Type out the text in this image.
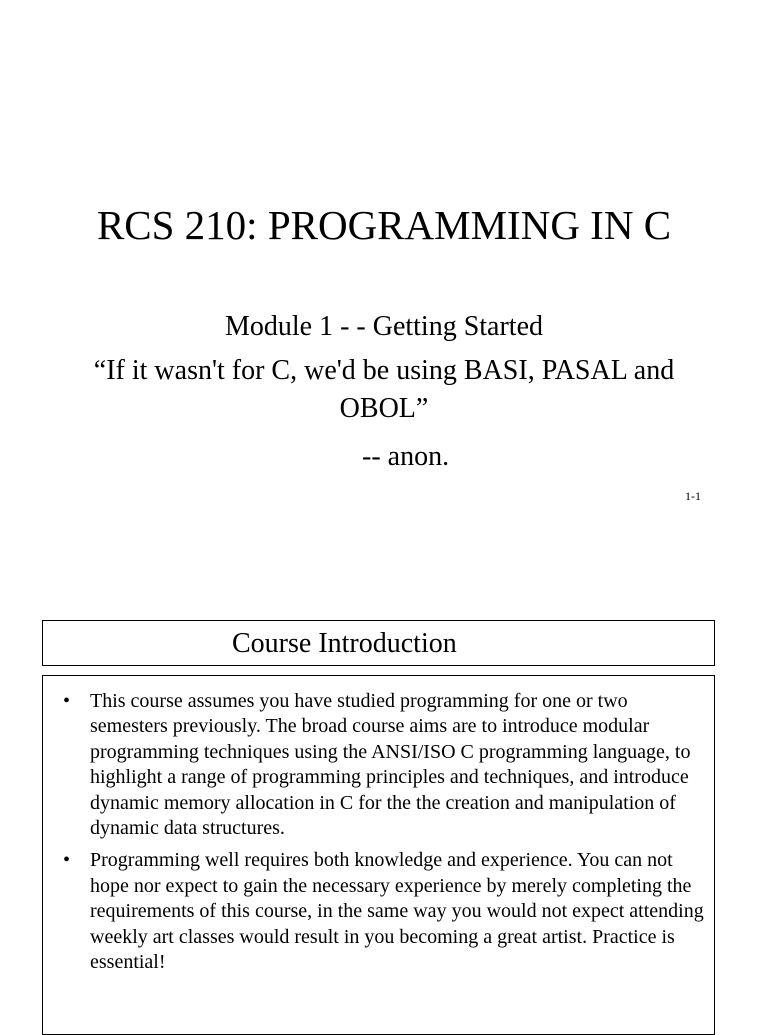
RCS 210: PROGRAMMING IN C

Module 1 - - Getting Started

“If it wasn't for C, we'd be using BASI, PASAL and OBOL”

-- anon.

1-1
Course Introduction
• This course assumes you have studied programming for one or two semesters previously. The broad course aims are to introduce modular programming techniques using the ANSI/ISO C programming language, to highlight a range of programming principles and techniques, and introduce dynamic memory allocation in C for the the creation and manipulation of dynamic data structures.
• Programming well requires both knowledge and experience. You can not hope nor expect to gain the necessary experience by merely completing the requirements of this course, in the same way you would not expect attending weekly art classes would result in you becoming a great artist. Practice is essential!
